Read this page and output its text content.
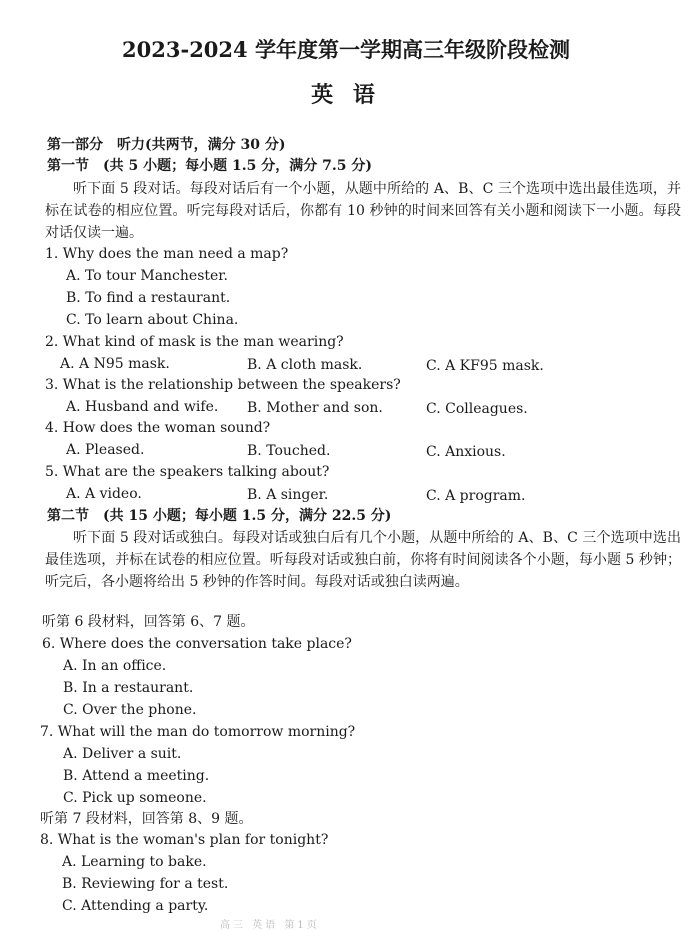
2023-2024 学年度第一学期高三年级阶段检测
英 语
第一部分　听力(共两节，满分 30 分)
第一节　(共 5 小题；每小题 1.5 分，满分 7.5 分)
听下面 5 段对话。每段对话后有一个小题，从题中所给的 A、B、C 三个选项中选出最佳选项，并标在试卷的相应位置。听完每段对话后，你都有 10 秒钟的时间来回答有关小题和阅读下一小题。每段对话仅读一遍。
1. Why does the man need a map?
A. To tour Manchester.
B. To find a restaurant.
C. To learn about China.
2. What kind of mask is the man wearing?
A. A N95 mask.	B. A cloth mask.	C. A KF95 mask.
3. What is the relationship between the speakers?
A. Husband and wife. B. Mother and son.	C. Colleagues.
4. How does the woman sound?
A. Pleased.	B. Touched.	C. Anxious.
5. What are the speakers talking about?
A. A video.	B. A singer.	C. A program.
第二节　(共 15 小题；每小题 1.5 分，满分 22.5 分)
听下面 5 段对话或独白。每段对话或独白后有几个小题，从题中所给的 A、B、C 三个选项中选出最佳选项，并标在试卷的相应位置。听每段对话或独白前，你将有时间阅读各个小题，每小题 5 秒钟；听完后，各小题将给出 5 秒钟的作答时间。每段对话或独白读两遍。
听第 6 段材料，回答第 6、7 题。
6. Where does the conversation take place?
A. In an office.
B. In a restaurant.
C. Over the phone.
7. What will the man do tomorrow morning?
A. Deliver a suit.
B. Attend a meeting.
C. Pick up someone.
听第 7 段材料，回答第 8、9 题。
8. What is the woman's plan for tonight?
A. Learning to bake.
B. Reviewing for a test.
C. Attending a party.
高三 英语 第1页
